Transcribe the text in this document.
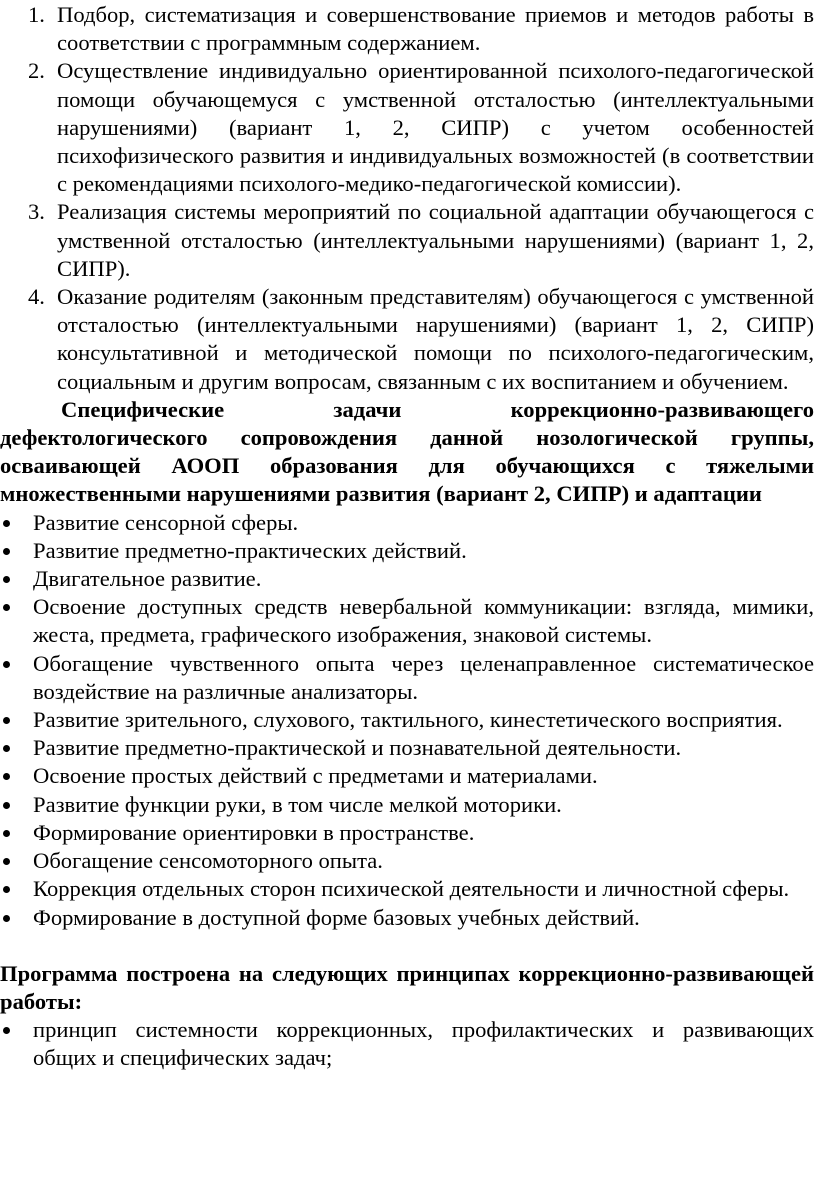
1. Подбор, систематизация и совершенствование приемов и методов работы в соответствии с программным содержанием.
2. Осуществление индивидуально ориентированной психолого-педагогической помощи обучающемуся с умственной отсталостью (интеллектуальными нарушениями) (вариант 1, 2, СИПР) с учетом особенностей психофизического развития и индивидуальных возможностей (в соответствии с рекомендациями психолого-медико-педагогической комиссии).
3. Реализация системы мероприятий по социальной адаптации обучающегося с умственной отсталостью (интеллектуальными нарушениями) (вариант 1, 2, СИПР).
4. Оказание родителям (законным представителям) обучающегося с умственной отсталостью (интеллектуальными нарушениями) (вариант 1, 2, СИПР) консультативной и методической помощи по психолого-педагогическим, социальным и другим вопросам, связанным с их воспитанием и обучением.

Специфические задачи коррекционно-развивающего дефектологического сопровождения данной нозологической группы, осваивающей АООП образования для обучающихся с тяжелыми множественными нарушениями развития (вариант 2, СИПР) и адаптации

Развитие сенсорной сферы.
Развитие предметно-практических действий.
Двигательное развитие.
Освоение доступных средств невербальной коммуникации: взгляда, мимики, жеста, предмета, графического изображения, знаковой системы.
Обогащение чувственного опыта через целенаправленное систематическое воздействие на различные анализаторы.
Развитие зрительного, слухового, тактильного, кинестетического восприятия.
Развитие предметно-практической и познавательной деятельности.
Освоение простых действий с предметами и материалами.
Развитие функции руки, в том числе мелкой моторики.
Формирование ориентировки в пространстве.
Обогащение сенсомоторного опыта.
Коррекция отдельных сторон психической деятельности и личностной сферы.
Формирование в доступной форме базовых учебных действий.

Программа построена на следующих принципах коррекционно-развивающей работы:

принцип системности коррекционных, профилактических и развивающих общих и специфических задач;
